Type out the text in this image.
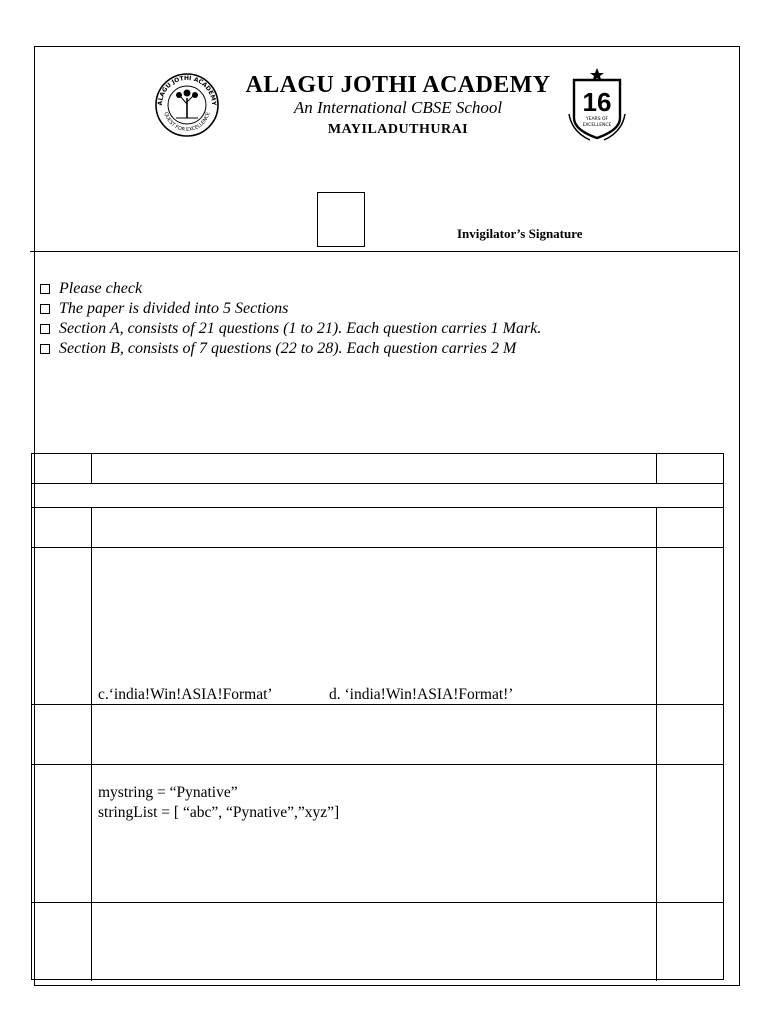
ALAGU JOTHI ACADEMY
QUEST FOR EXCELLENCE
ALAGU JOTHI ACADEMY
An International CBSE School
MAYILADUTHURAI
16
YEARS OF
EXCELLENCE
Invigilator’s Signature
Please check
The paper is divided into 5 Sections
Section A, consists of 21 questions (1 to 21). Each question carries 1 Mark.
Section B, consists of 7 questions (22 to 28). Each question carries 2 M
c.‘india!Win!ASIA!Format’	d. ‘india!Win!ASIA!Format!’
mystring = “Pynative”
stringList = [ “abc”, “Pynative”,”xyz”]
